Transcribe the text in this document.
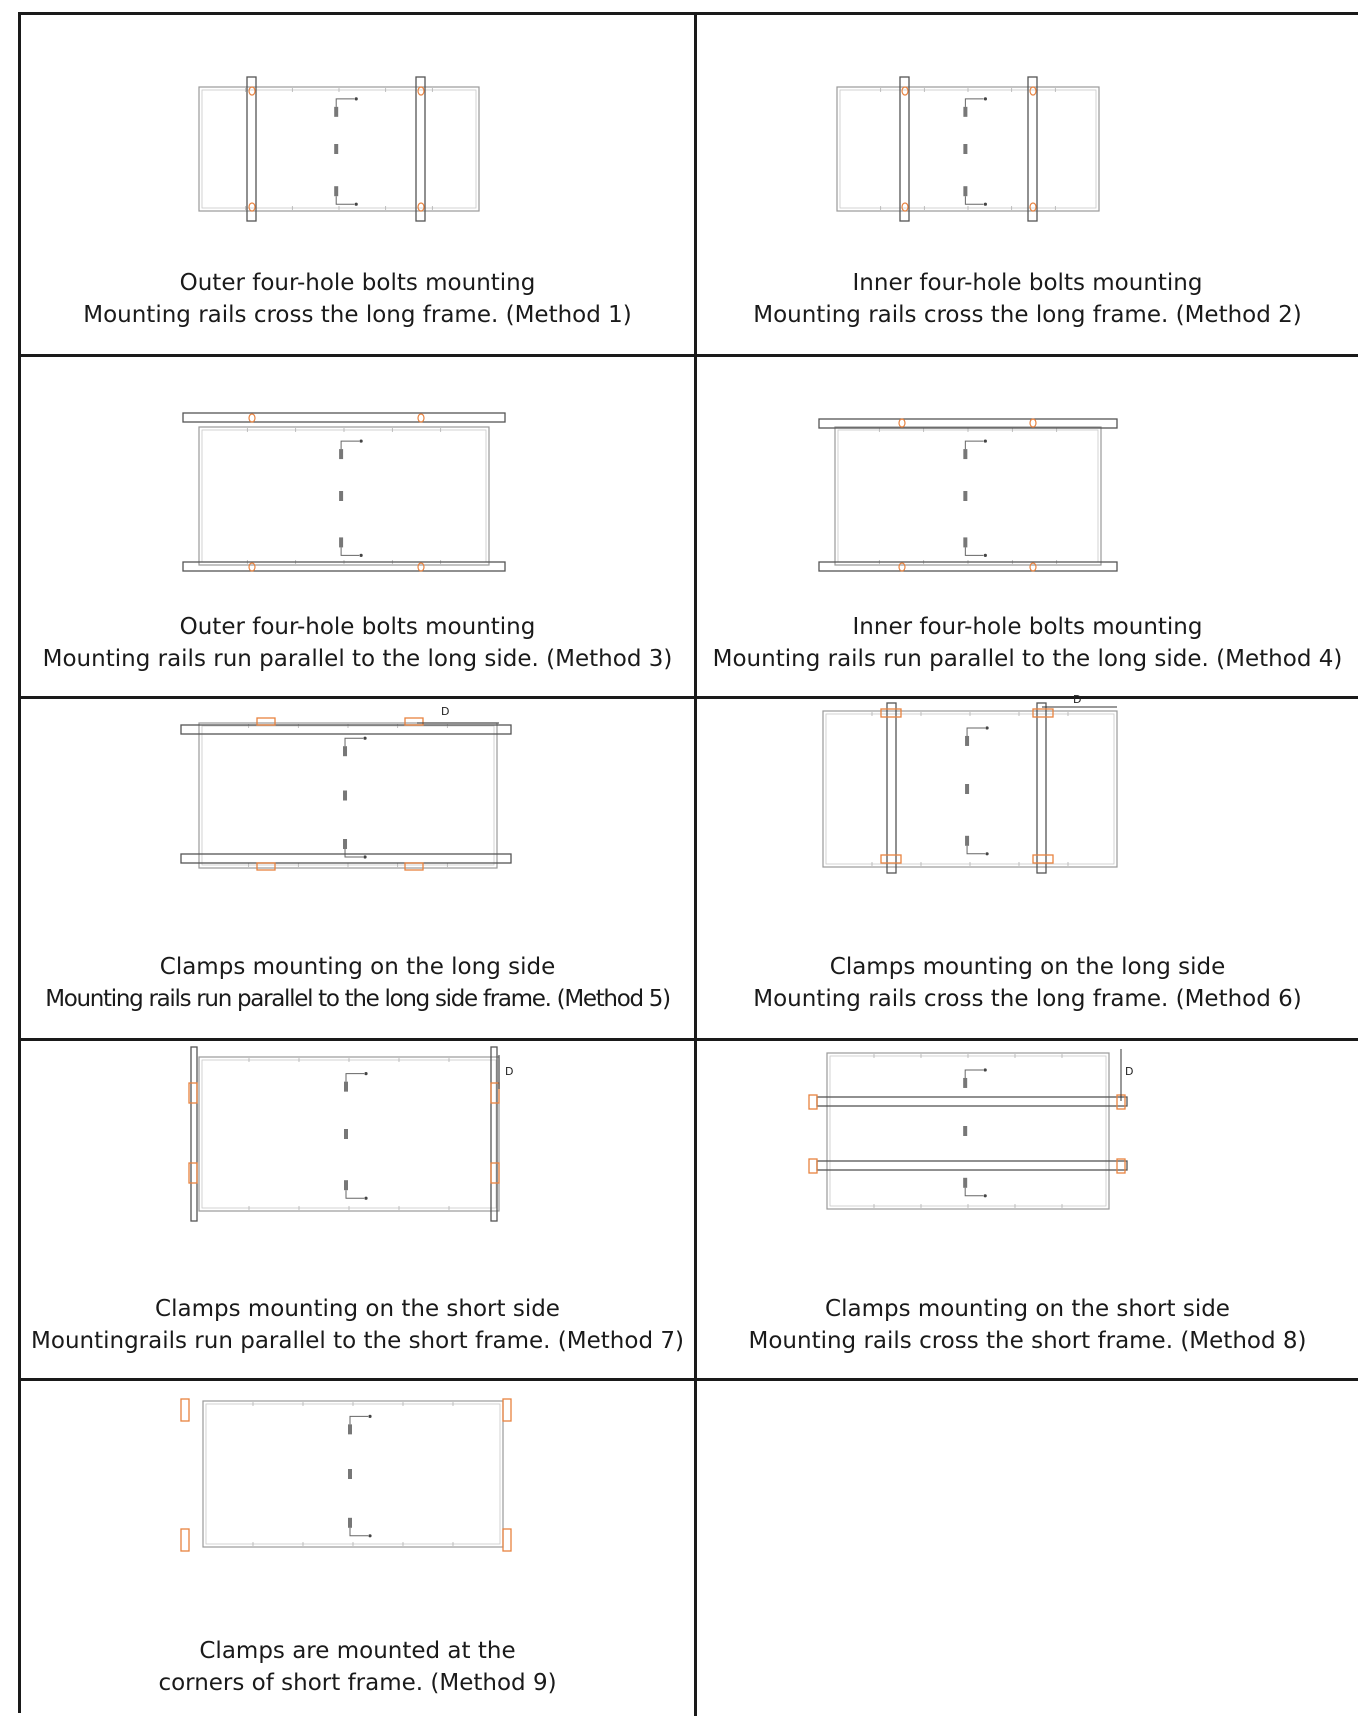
Outer four-hole bolts mounting
Mounting rails cross the long frame. (Method 1)
Inner four-hole bolts mounting
Mounting rails cross the long frame. (Method 2)
Outer four-hole bolts mounting
Mounting rails run parallel to the long side. (Method 3)
Inner four-hole bolts mounting
Mounting rails run parallel to the long side. (Method 4)
D
Clamps mounting on the long side
Mounting rails run parallel to the long side frame. (Method 5)
D
Clamps mounting on the long side
Mounting rails cross the long frame. (Method 6)
D
Clamps mounting on the short side
Mountingrails run parallel to the short frame. (Method 7)
D
Clamps mounting on the short side
Mounting rails cross the short frame. (Method 8)
Clamps are mounted at the
corners of short frame. (Method 9)
